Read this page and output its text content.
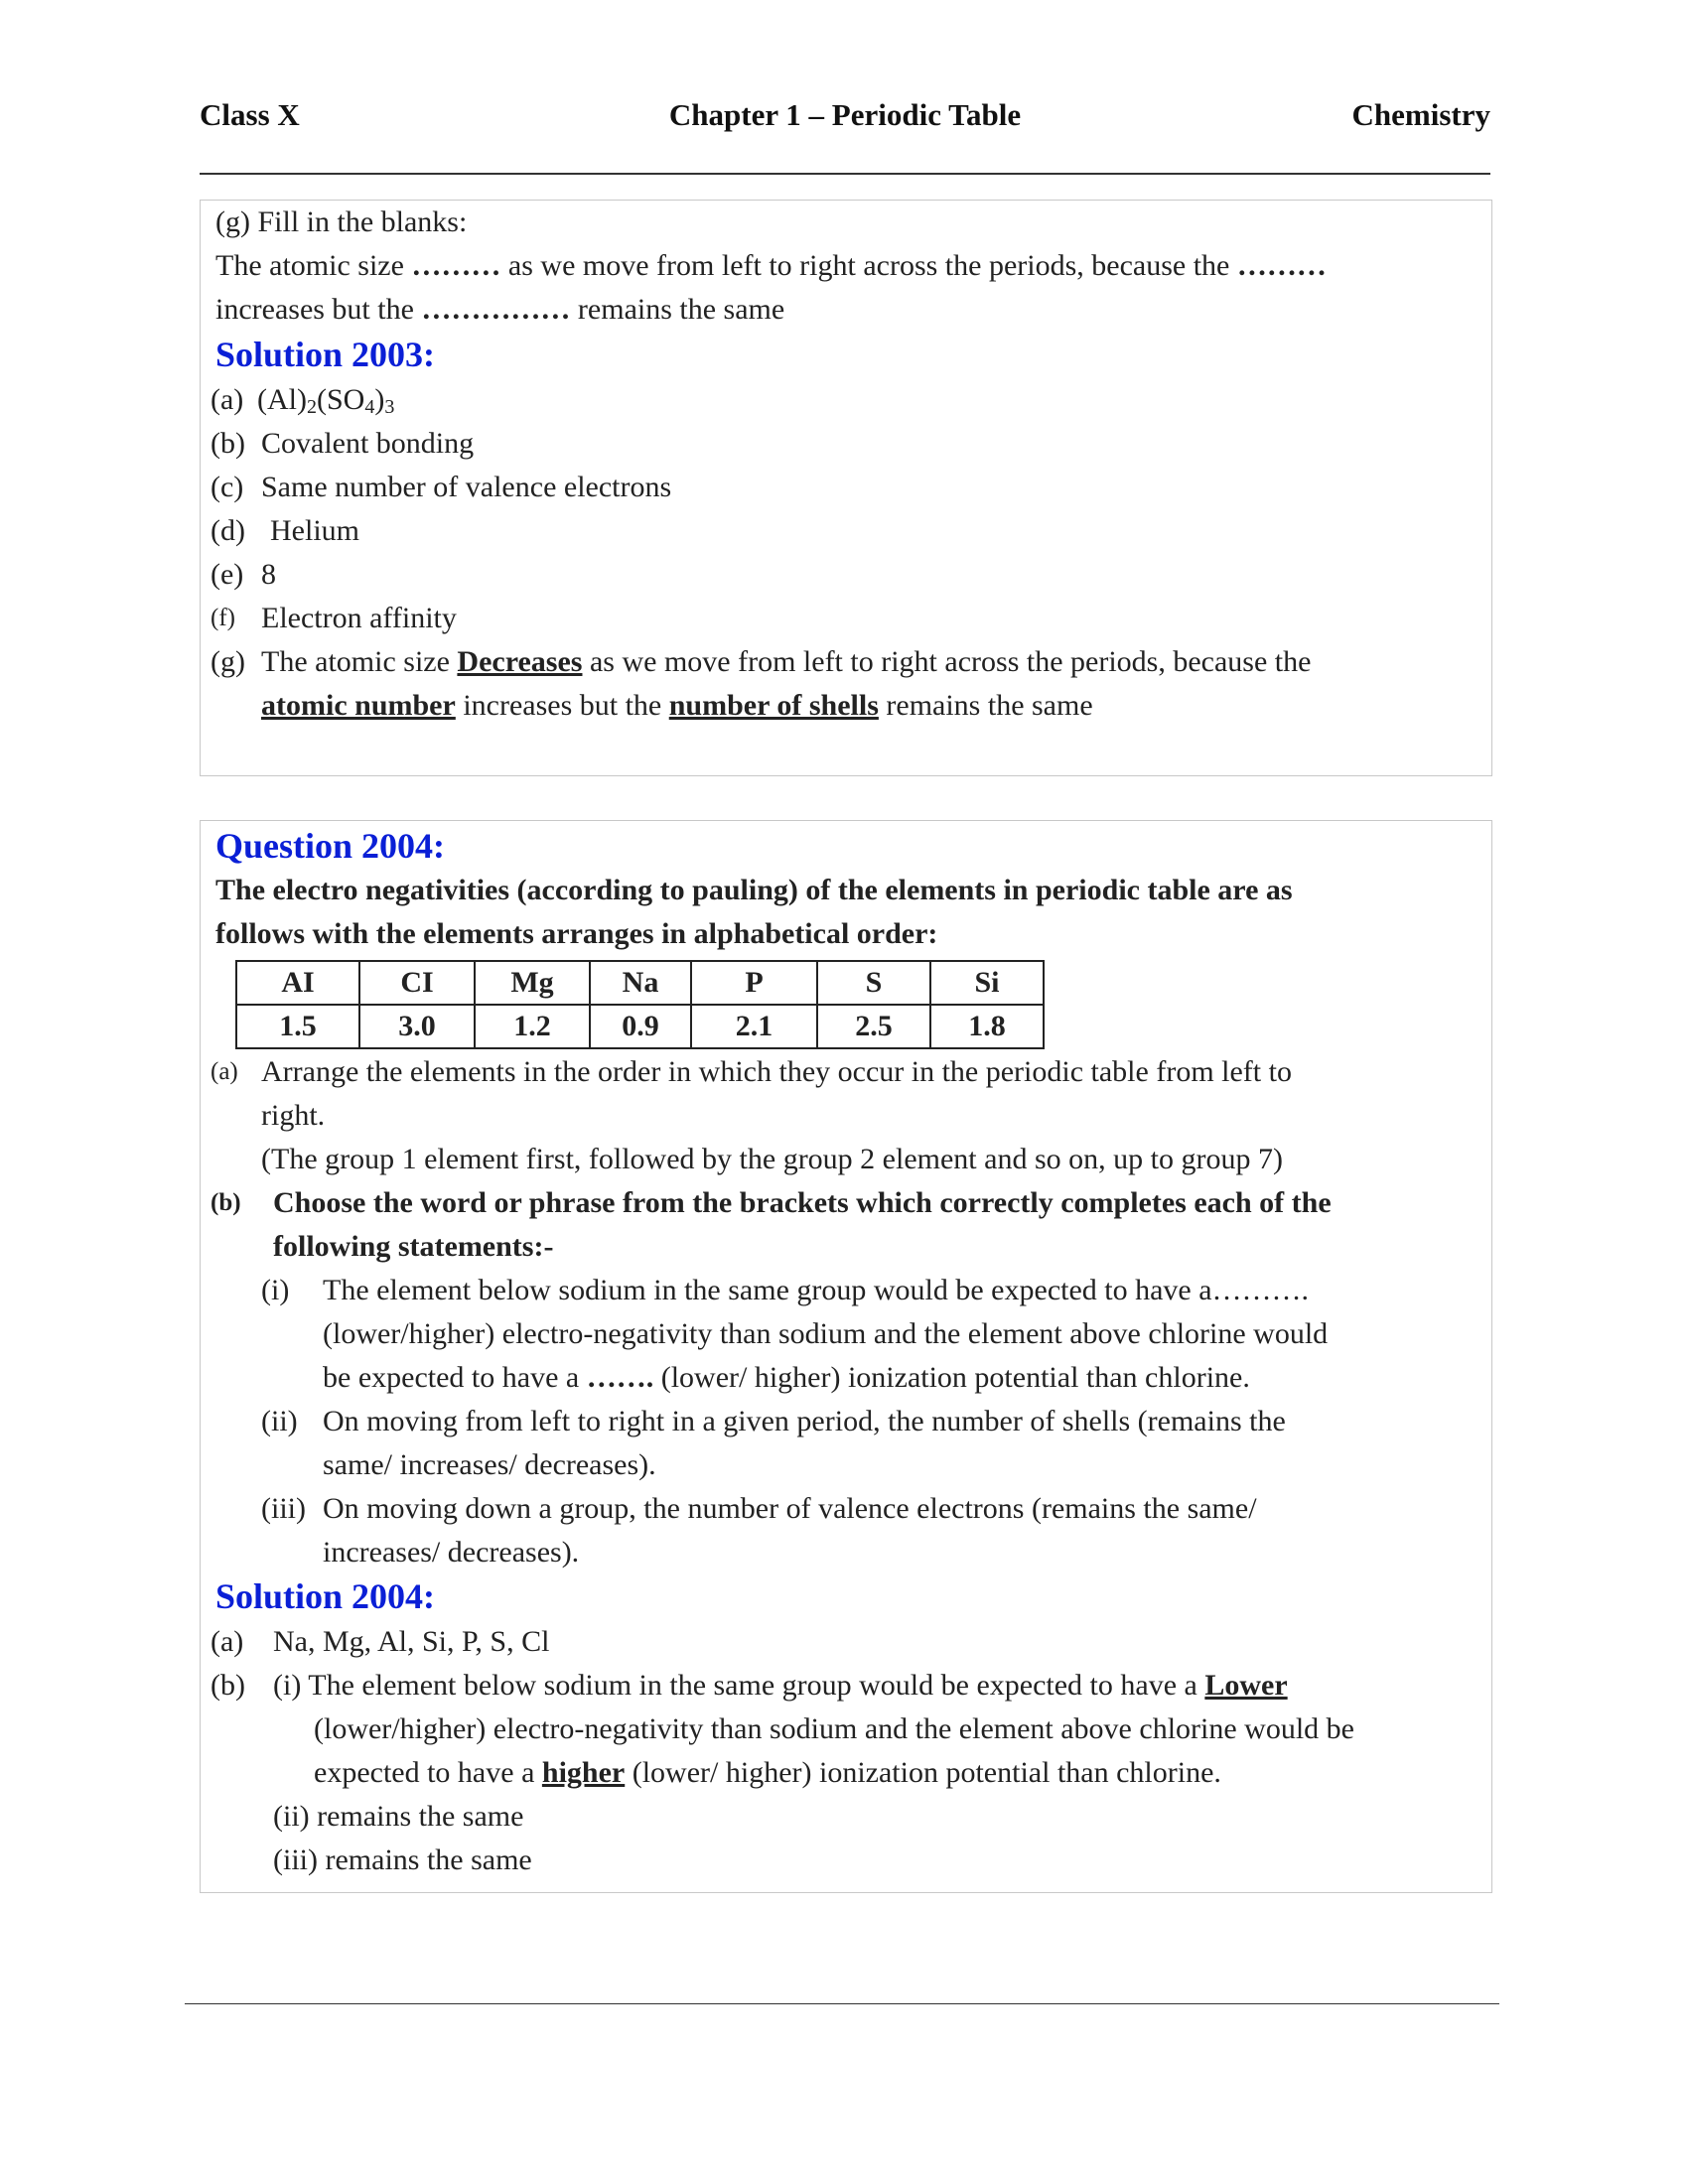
Class X	Chapter 1 – Periodic Table	Chemistry
(g) Fill in the blanks:
The atomic size ……… as we move from left to right across the periods, because the ………
increases but the …………… remains the same
Solution 2003:
(a) $(Al)_2(SO_4)_3$
(b) Covalent bonding
(c) Same number of valence electrons
(d) Helium
(e) 8
(f) Electron affinity
(g) The atomic size Decreases as we move from left to right across the periods, because the
atomic number increases but the number of shells remains the same
Question 2004:
The electro negativities (according to pauling) of the elements in periodic table are as
follows with the elements arranges in alphabetical order:
AI	CI	Mg	Na	P	S	Si
1.5	3.0	1.2	0.9	2.1	2.5	1.8
(a) Arrange the elements in the order in which they occur in the periodic table from left to
right.
(The group 1 element first, followed by the group 2 element and so on, up to group 7)
(b) Choose the word or phrase from the brackets which correctly completes each of the
following statements:-
(i) The element below sodium in the same group would be expected to have a……….
(lower/higher) electro-negativity than sodium and the element above chlorine would
be expected to have a ……. (lower/ higher) ionization potential than chlorine.
(ii) On moving from left to right in a given period, the number of shells (remains the
same/ increases/ decreases).
(iii) On moving down a group, the number of valence electrons (remains the same/
increases/ decreases).
Solution 2004:
(a) Na, Mg, Al, Si, P, S, Cl
(b) (i) The element below sodium in the same group would be expected to have a Lower
(lower/higher) electro-negativity than sodium and the element above chlorine would be
expected to have a higher (lower/ higher) ionization potential than chlorine.
(ii) remains the same
(iii) remains the same
